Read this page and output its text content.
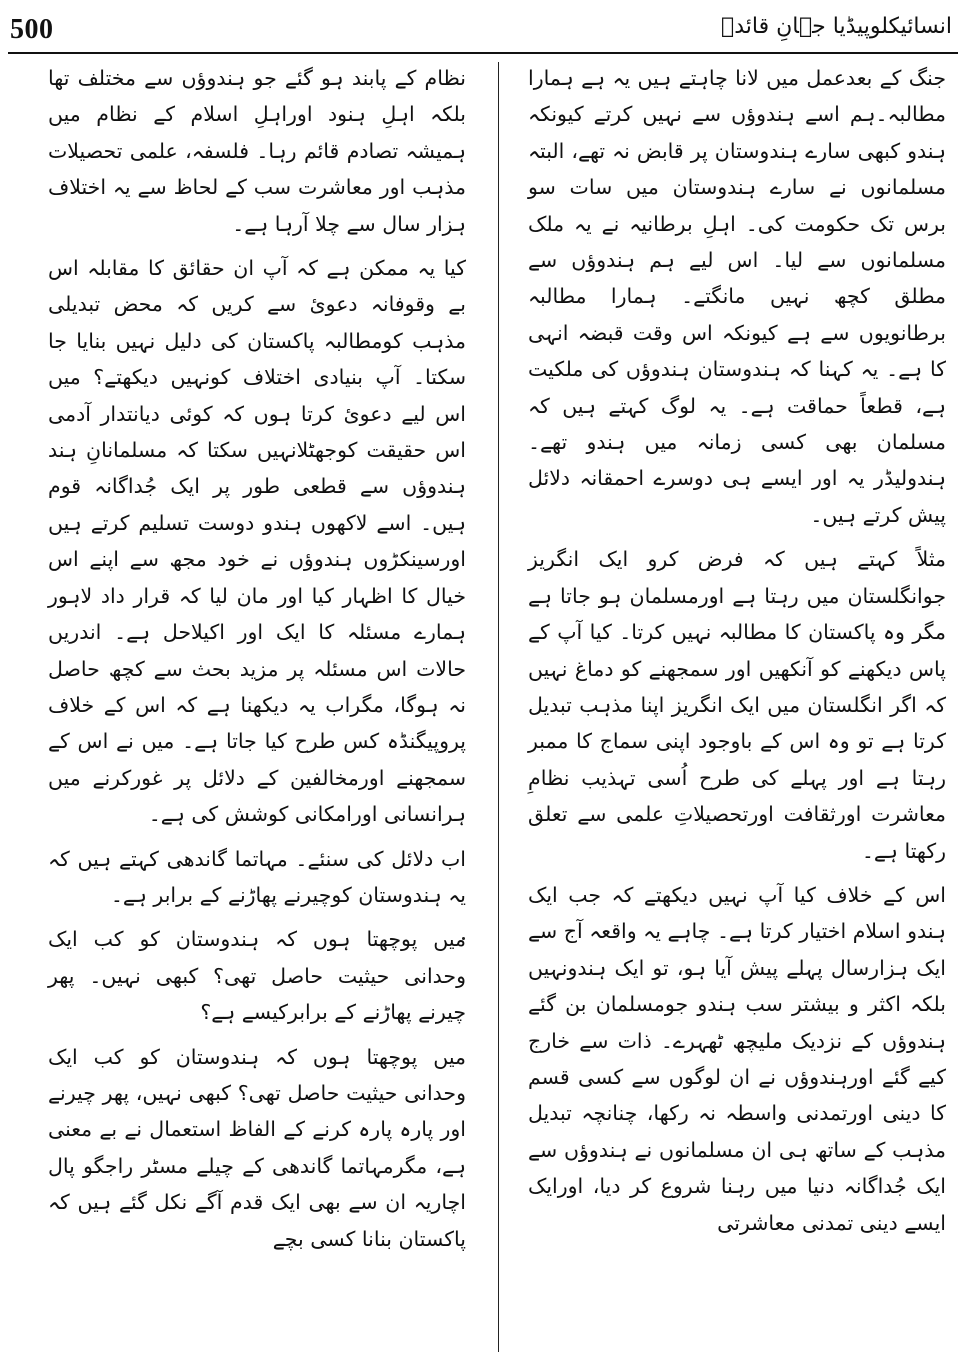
500	انسائیکلوپیڈیا جہانِ قائدؒ

جنگ کے بعدعمل میں لانا چاہتے ہیں یہ ہے ہمارا مطالبہ۔ہم اسے ہندوؤں سے نہیں کرتے کیونکہ ہندو کبھی سارے ہندوستان پر قابض نہ تھے، البتہ مسلمانوں نے سارے ہندوستان میں سات سو برس تک حکومت کی۔ اہلِ برطانیہ نے یہ ملک مسلمانوں سے لیا۔ اس لیے ہم ہندوؤں سے مطلق کچھ نہیں مانگتے۔ ہمارا مطالبہ برطانویوں سے ہے کیونکہ اس وقت قبضہ انہی کا ہے۔ یہ کہنا کہ ہندوستان ہندوؤں کی ملکیت ہے، قطعاً حماقت ہے۔ یہ لوگ کہتے ہیں کہ مسلمان بھی کسی زمانہ میں ہندو تھے۔ ہندولیڈر یہ اور ایسے ہی دوسرے احمقانہ دلائل پیش کرتے ہیں۔

مثلاً کہتے ہیں کہ فرض کرو ایک انگریز جوانگلستان میں رہتا ہے اورمسلمان ہو جاتا ہے مگر وہ پاکستان کا مطالبہ نہیں کرتا۔ کیا آپ کے پاس دیکھنے کو آنکھیں اور سمجھنے کو دماغ نہیں کہ اگر انگلستان میں ایک انگریز اپنا مذہب تبدیل کرتا ہے تو وہ اس کے باوجود اپنی سماج کا ممبر رہتا ہے اور پہلے کی طرح اُسی تہذیب نظامِ معاشرت اورثقافت اورتحصیلاتِ علمی سے تعلق رکھتا ہے۔

اس کے خلاف کیا آپ نہیں دیکھتے کہ جب ایک ہندو اسلام اختیار کرتا ہے۔ چاہے یہ واقعہ آج سے ایک ہزارسال پہلے پیش آیا ہو، تو ایک ہندونہیں بلکہ اکثر و بیشتر سب ہندو جومسلمان بن گئے ہندوؤں کے نزدیک ملیچھ ٹھہرے۔ ذات سے خارج کیے گئے اورہندوؤں نے ان لوگوں سے کسی قسم کا دینی اورتمدنی واسطہ نہ رکھا، چنانچہ تبدیل مذہب کے ساتھ ہی ان مسلمانوں نے ہندوؤں سے ایک جُداگانہ دنیا میں رہنا شروع کر دیا، اورایک ایسے دینی تمدنی معاشرتی

نظام کے پابند ہو گئے جو ہندوؤں سے مختلف تھا بلکہ اہلِ ہنود اوراہلِ اسلام کے نظام میں ہمیشہ تصادم قائم رہا۔ فلسفہ، علمی تحصیلات مذہب اور معاشرت سب کے لحاظ سے یہ اختلاف ہزار سال سے چلا آرہا ہے۔

کیا یہ ممکن ہے کہ آپ ان حقائق کا مقابلہ اس بے وقوفانہ دعوئ سے کریں کہ محض تبدیلی مذہب کومطالبہ پاکستان کی دلیل نہیں بنایا جا سکتا۔ آپ بنیادی اختلاف کونہیں دیکھتے؟ میں اس لیے دعوئ کرتا ہوں کہ کوئی دیانتدار آدمی اس حقیقت کوجھٹلانہیں سکتا کہ مسلمانانِ ہند ہندوؤں سے قطعی طور پر ایک جُداگانہ قوم ہیں۔ اسے لاکھوں ہندو دوست تسلیم کرتے ہیں اورسینکڑوں ہندوؤں نے خود مجھ سے اپنے اس خیال کا اظہار کیا اور مان لیا کہ قرار داد لاہور ہمارے مسئلہ کا ایک اور اکیلاحل ہے۔ اندریں حالات اس مسئلہ پر مزید بحث سے کچھ حاصل نہ ہوگا، مگراب یہ دیکھنا ہے کہ اس کے خلاف پروپیگنڈہ کس طرح کیا جاتا ہے۔ میں نے اس کے سمجھنے اورمخالفین کے دلائل پر غورکرنے میں ہرانسانی اورامکانی کوشش کی ہے۔

اب دلائل کی سنئے۔ مہاتما گاندھی کہتے ہیں کہ یہ ہندوستان کوچیرنے پھاڑنے کے برابر ہے۔

میں پوچھتا ہوں کہ ہندوستان کو کب ایک وحدانی حیثیت حاصل تھی؟ کبھی نہیں۔ پھر چیرنے پھاڑنے کے برابرکیسے ہے؟

میں پوچھتا ہوں کہ ہندوستان کو کب ایک وحدانی حیثیت حاصل تھی؟ کبھی نہیں، پھر چیرنے اور پارہ پارہ کرنے کے الفاظ استعمال نے بے معنی ہے، مگرمہاتما گاندھی کے چیلے مسٹر راجگو پال اچاریہ ان سے بھی ایک قدم آگے نکل گئے ہیں کہ پاکستان بنانا کسی بچے
